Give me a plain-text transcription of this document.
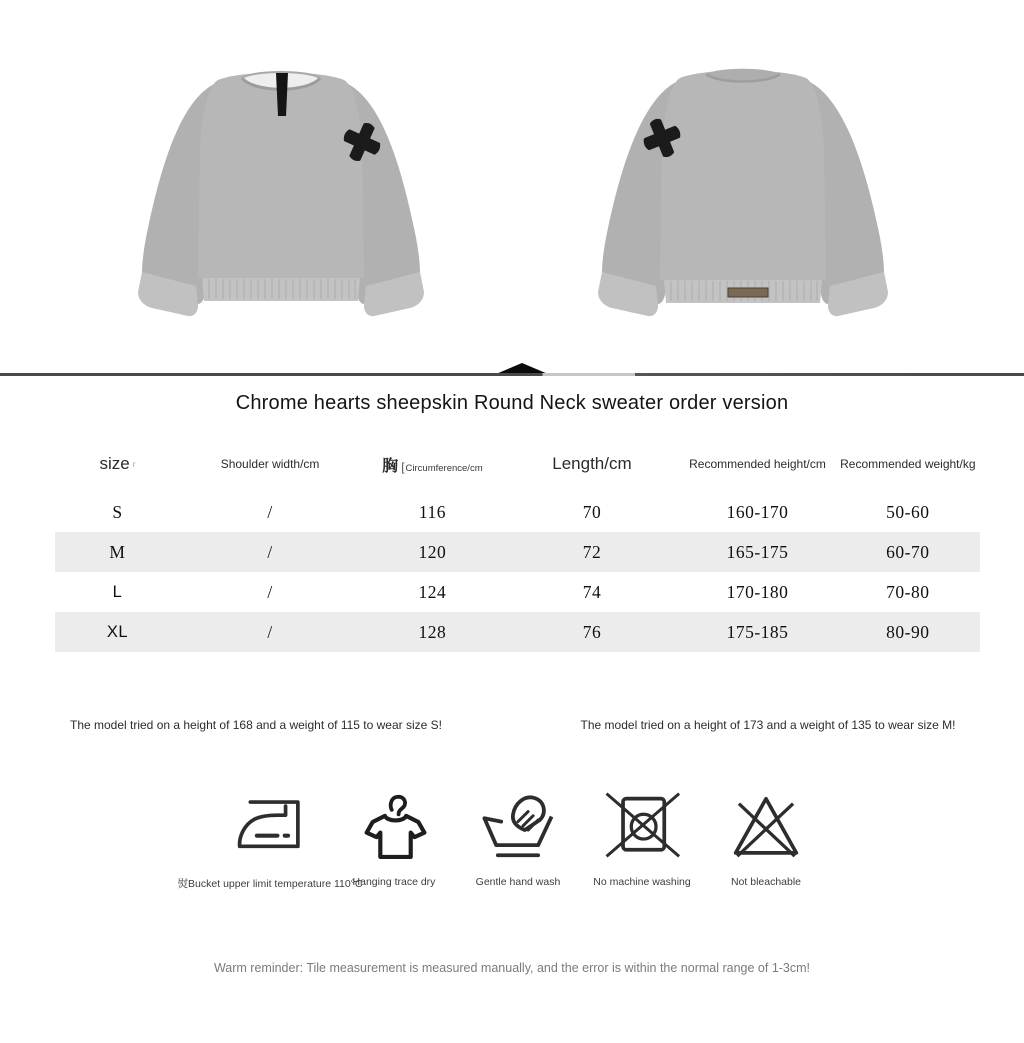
Chrome hearts sheepskin Round Neck sweater order version
size r	Shoulder width/cm	胸 [Circumference/cm	Length/cm	Recommended height/cm	Recommended weight/kg
S	/	116	70	160-170	50-60
M	/	120	72	165-175	60-70
L	/	124	74	170-180	70-80
XL	/	128	76	175-185	80-90
The model tried on a height of 168 and a weight of 115 to wear size S!	The model tried on a height of 173 and a weight of 135 to wear size M!
熨Bucket upper limit temperature 110°C
Hanging trace dry	Gentle hand wash	No machine washing	Not bleachable
Warm reminder: Tile measurement is measured manually, and the error is within the normal range of 1-3cm!
